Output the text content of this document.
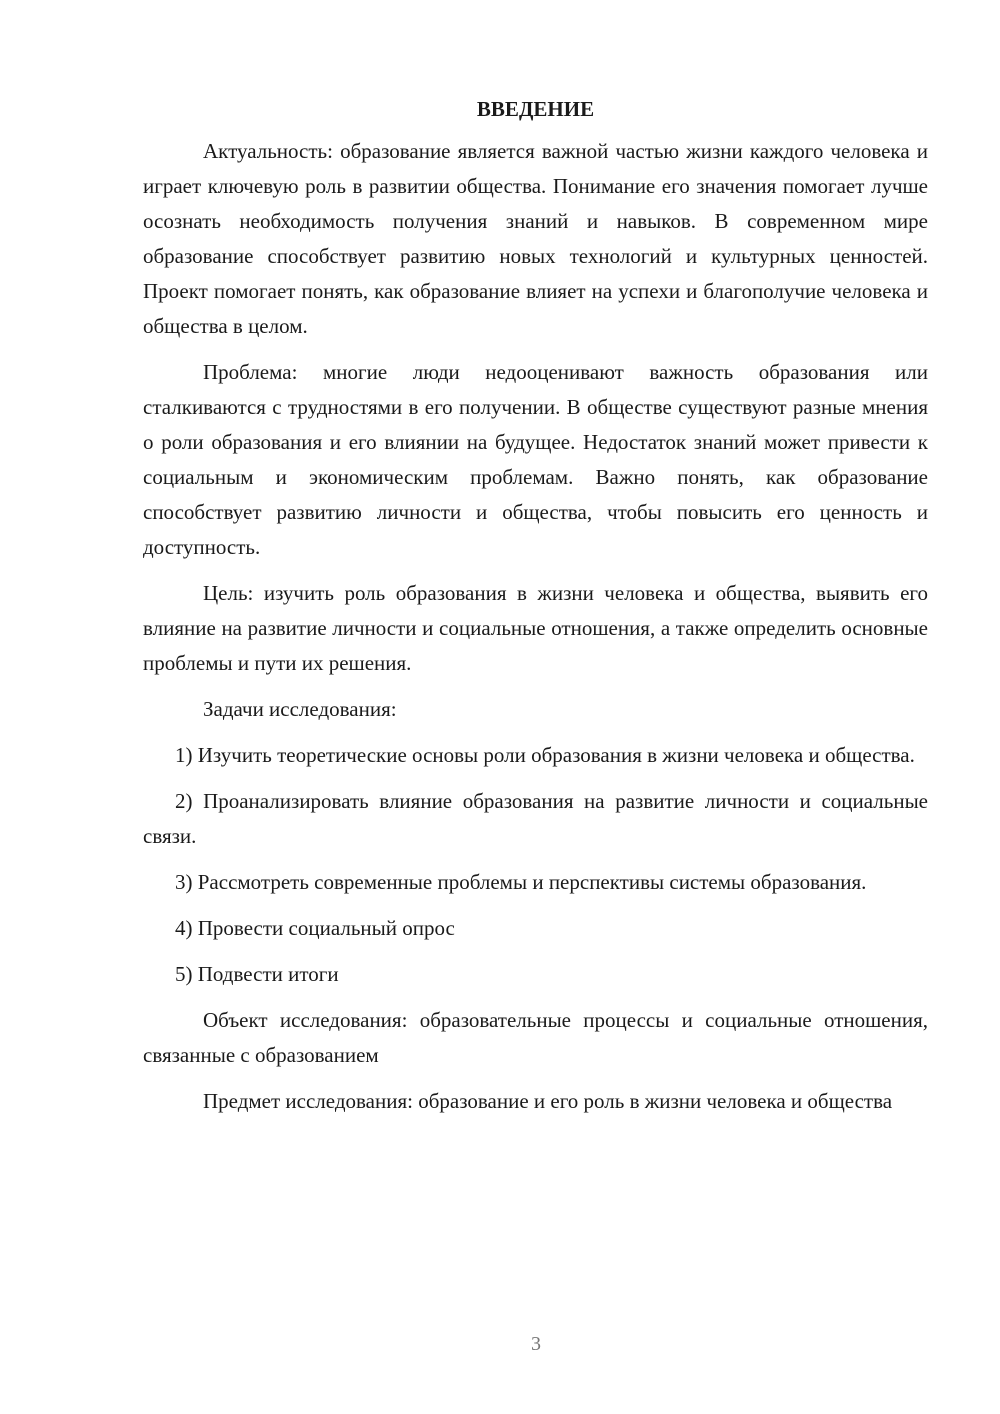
ВВЕДЕНИЕ

Актуальность: образование является важной частью жизни каждого человека и играет ключевую роль в развитии общества. Понимание его значения помогает лучше осознать необходимость получения знаний и навыков. В современном мире образование способствует развитию новых технологий и культурных ценностей. Проект помогает понять, как образование влияет на успехи и благополучие человека и общества в целом.

Проблема: многие люди недооценивают важность образования или сталкиваются с трудностями в его получении. В обществе существуют разные мнения о роли образования и его влиянии на будущее. Недостаток знаний может привести к социальным и экономическим проблемам. Важно понять, как образование способствует развитию личности и общества, чтобы повысить его ценность и доступность.

Цель: изучить роль образования в жизни человека и общества, выявить его влияние на развитие личности и социальные отношения, а также определить основные проблемы и пути их решения.

Задачи исследования:

1) Изучить теоретические основы роли образования в жизни человека и общества.

2) Проанализировать влияние образования на развитие личности и социальные связи.

3) Рассмотреть современные проблемы и перспективы системы образования.

4) Провести социальный опрос

5) Подвести итоги

Объект исследования: образовательные процессы и социальные отношения, связанные с образованием

Предмет исследования: образование и его роль в жизни человека и общества

3
